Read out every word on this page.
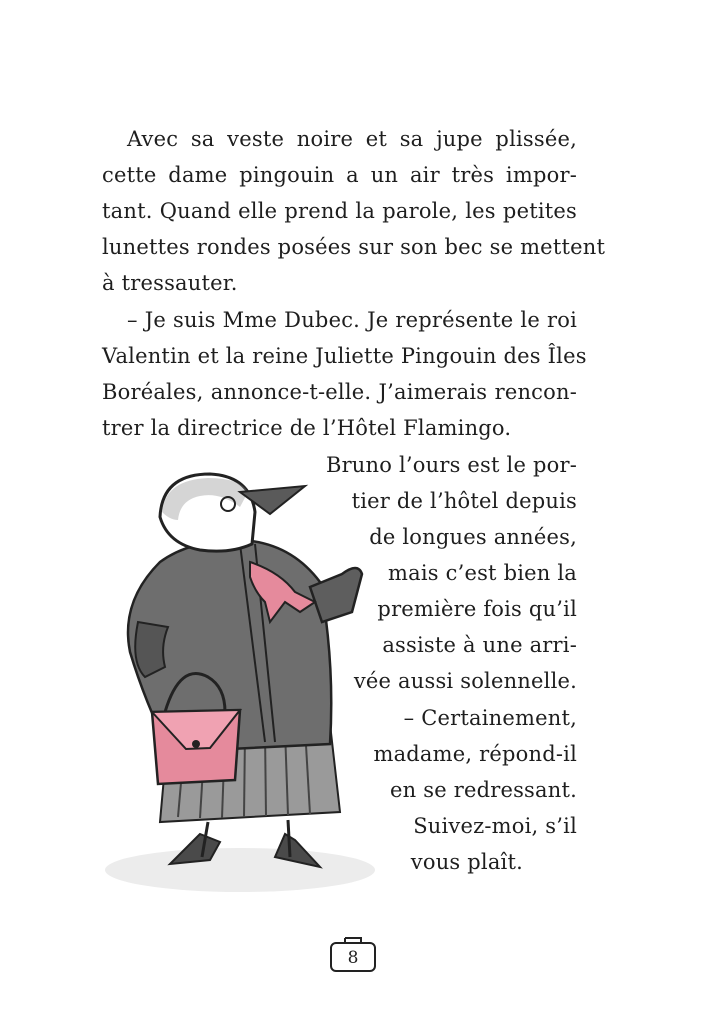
Avec sa veste noire et sa jupe plissée,
cette dame pingouin a un air très impor-
tant. Quand elle prend la parole, les petites
lunettes rondes posées sur son bec se mettent
à tressauter.
– Je suis Mme Dubec. Je représente le roi
Valentin et la reine Juliette Pingouin des Îles
Boréales, annonce-t-elle. J’aimerais rencon-
trer la directrice de l’Hôtel Flamingo.
Bruno l’ours est le por-
tier de l’hôtel depuis
de longues années,
mais c’est bien la
première fois qu’il
assiste à une arri-
vée aussi solennelle.
– Certainement,
madame, répond-il
en se redressant.
Suivez-moi, s’il
vous plaît.
8
